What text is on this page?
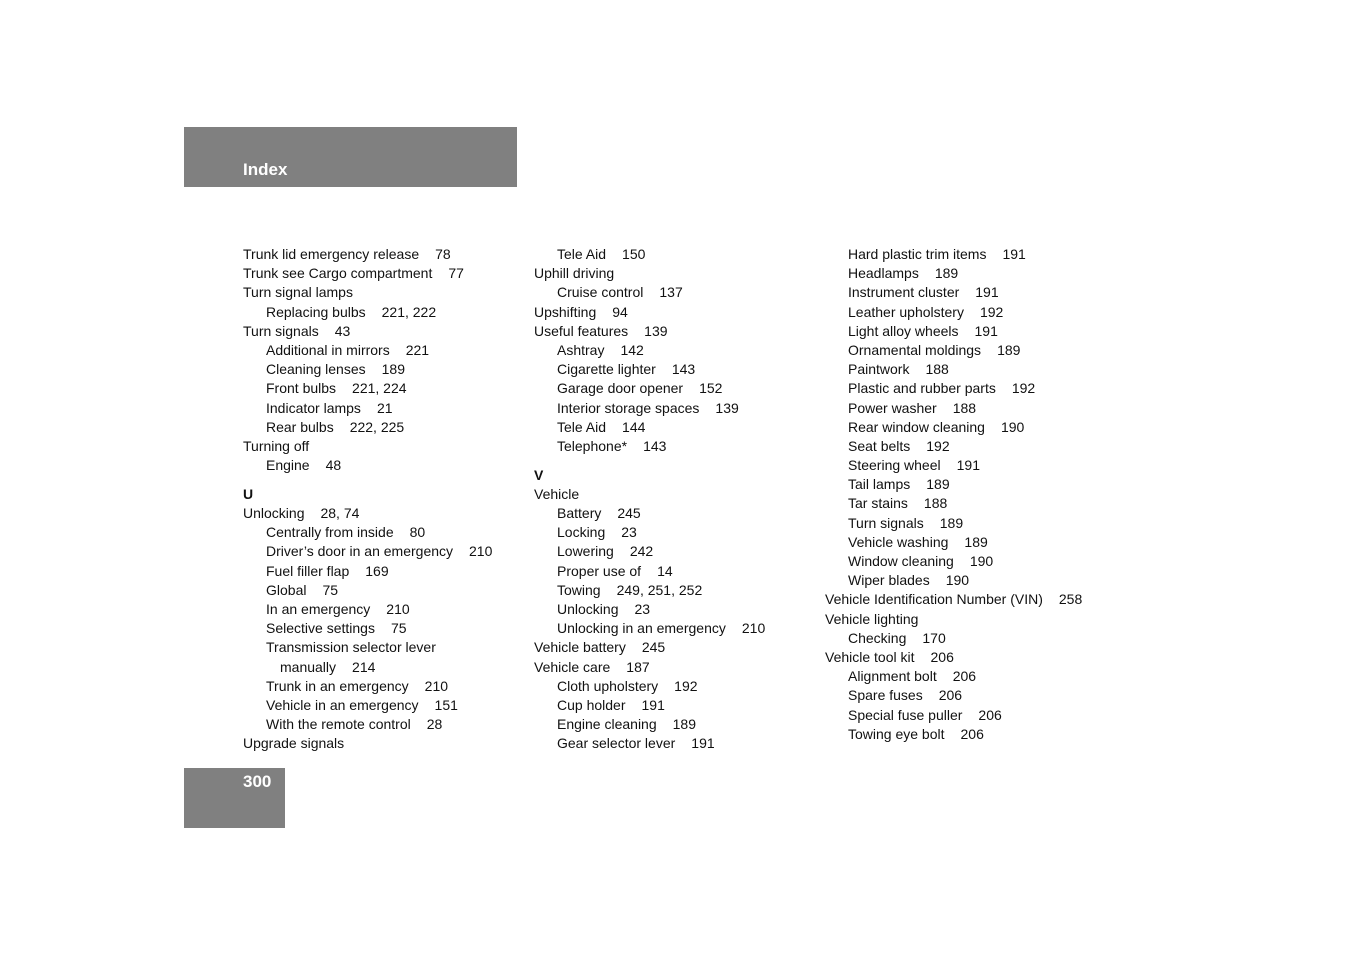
Index
Trunk lid emergency release 78
Trunk see Cargo compartment 77
Turn signal lamps
Replacing bulbs 221, 222
Turn signals 43
Additional in mirrors 221
Cleaning lenses 189
Front bulbs 221, 224
Indicator lamps 21
Rear bulbs 222, 225
Turning off
Engine 48
U
Unlocking 28, 74
Centrally from inside 80
Driver’s door in an emergency 210
Fuel filler flap 169
Global 75
In an emergency 210
Selective settings 75
Transmission selector lever
manually 214
Trunk in an emergency 210
Vehicle in an emergency 151
With the remote control 28
Upgrade signals
Tele Aid 150
Uphill driving
Cruise control 137
Upshifting 94
Useful features 139
Ashtray 142
Cigarette lighter 143
Garage door opener 152
Interior storage spaces 139
Tele Aid 144
Telephone* 143
V
Vehicle
Battery 245
Locking 23
Lowering 242
Proper use of 14
Towing 249, 251, 252
Unlocking 23
Unlocking in an emergency 210
Vehicle battery 245
Vehicle care 187
Cloth upholstery 192
Cup holder 191
Engine cleaning 189
Gear selector lever 191
Hard plastic trim items 191
Headlamps 189
Instrument cluster 191
Leather upholstery 192
Light alloy wheels 191
Ornamental moldings 189
Paintwork 188
Plastic and rubber parts 192
Power washer 188
Rear window cleaning 190
Seat belts 192
Steering wheel 191
Tail lamps 189
Tar stains 188
Turn signals 189
Vehicle washing 189
Window cleaning 190
Wiper blades 190
Vehicle Identification Number (VIN) 258
Vehicle lighting
Checking 170
Vehicle tool kit 206
Alignment bolt 206
Spare fuses 206
Special fuse puller 206
Towing eye bolt 206
300
